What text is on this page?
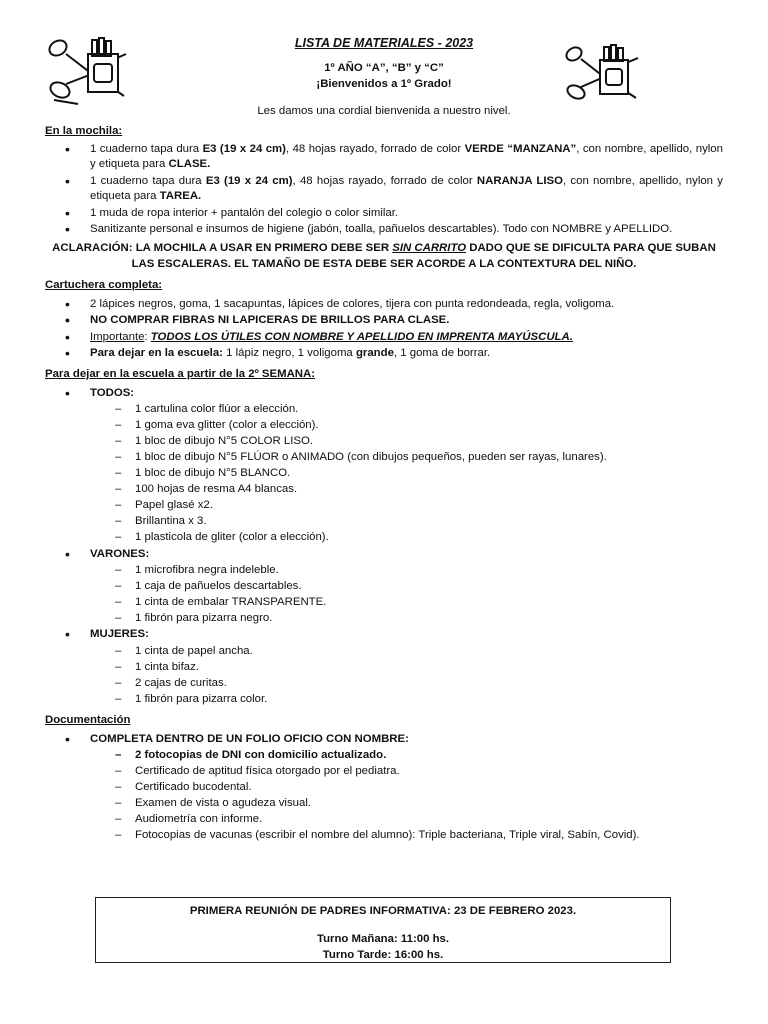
LISTA DE MATERIALES - 2023
1º AÑO “A”, “B” y “C”
¡Bienvenidos a 1º Grado!
Les damos una cordial bienvenida a nuestro nivel.
En la mochila:
• 1 cuaderno tapa dura E3 (19 x 24 cm), 48 hojas rayado, forrado de color VERDE “MANZANA”, con nombre, apellido, nylon y etiqueta para CLASE.
• 1 cuaderno tapa dura E3 (19 x 24 cm), 48 hojas rayado, forrado de color NARANJA LISO, con nombre, apellido, nylon y etiqueta para TAREA.
• 1 muda de ropa interior + pantalón del colegio o color similar.
• Sanitizante personal e insumos de higiene (jabón, toalla, pañuelos descartables). Todo con NOMBRE y APELLIDO.
ACLARACIÓN: LA MOCHILA A USAR EN PRIMERO DEBE SER SIN CARRITO DADO QUE SE DIFICULTA PARA QUE SUBAN LAS ESCALERAS. EL TAMAÑO DE ESTA DEBE SER ACORDE A LA CONTEXTURA DEL NIÑO.
Cartuchera completa:
• 2 lápices negros, goma, 1 sacapuntas, lápices de colores, tijera con punta redondeada, regla, voligoma.
• NO COMPRAR FIBRAS NI LAPICERAS DE BRILLOS PARA CLASE.
• Importante: TODOS LOS ÚTILES CON NOMBRE Y APELLIDO EN IMPRENTA MAYÚSCULA.
• Para dejar en la escuela: 1 lápiz negro, 1 voligoma grande, 1 goma de borrar.
Para dejar en la escuela a partir de la 2º SEMANA:
• TODOS:
– 1 cartulina color flúor a elección.
– 1 goma eva glitter (color a elección).
– 1 bloc de dibujo N°5 COLOR LISO.
– 1 bloc de dibujo N°5 FLÚOR o ANIMADO (con dibujos pequeños, pueden ser rayas, lunares).
– 1 bloc de dibujo N°5 BLANCO.
– 100 hojas de resma A4 blancas.
– Papel glasé x2.
– Brillantina x 3.
– 1 plasticola de gliter (color a elección).
• VARONES:
– 1 microfibra negra indeleble.
– 1 caja de pañuelos descartables.
– 1 cinta de embalar TRANSPARENTE.
– 1 fibrón para pizarra negro.
• MUJERES:
– 1 cinta de papel ancha.
– 1 cinta bifaz.
– 2 cajas de curitas.
– 1 fibrón para pizarra color.
Documentación
• COMPLETA DENTRO DE UN FOLIO OFICIO CON NOMBRE:
– 2 fotocopias de DNI con domicilio actualizado.
– Certificado de aptitud física otorgado por el pediatra.
– Certificado bucodental.
– Examen de vista o agudeza visual.
– Audiometría con informe.
– Fotocopias de vacunas (escribir el nombre del alumno): Triple bacteriana, Triple viral, Sabín, Covid).
PRIMERA REUNIÓN DE PADRES INFORMATIVA: 23 DE FEBRERO 2023.
Turno Mañana: 11:00 hs.
Turno Tarde: 16:00 hs.
